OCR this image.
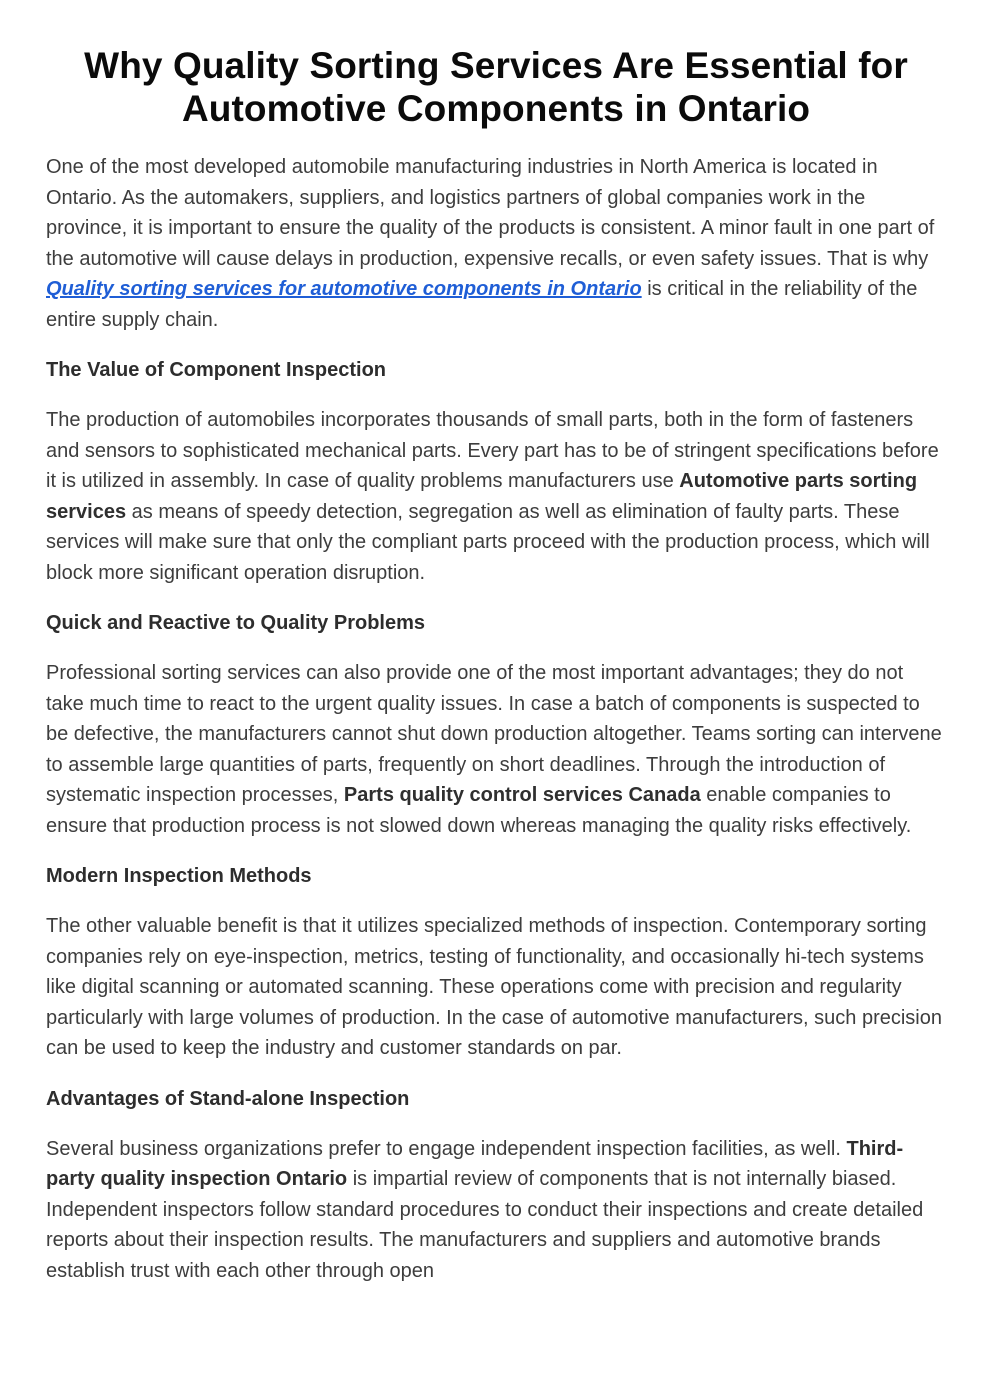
Why Quality Sorting Services Are Essential for Automotive Components in Ontario

One of the most developed automobile manufacturing industries in North America is located in Ontario. As the automakers, suppliers, and logistics partners of global companies work in the province, it is important to ensure the quality of the products is consistent. A minor fault in one part of the automotive will cause delays in production, expensive recalls, or even safety issues. That is why Quality sorting services for automotive components in Ontario is critical in the reliability of the entire supply chain.

The Value of Component Inspection

The production of automobiles incorporates thousands of small parts, both in the form of fasteners and sensors to sophisticated mechanical parts. Every part has to be of stringent specifications before it is utilized in assembly. In case of quality problems manufacturers use Automotive parts sorting services as means of speedy detection, segregation as well as elimination of faulty parts. These services will make sure that only the compliant parts proceed with the production process, which will block more significant operation disruption.

Quick and Reactive to Quality Problems

Professional sorting services can also provide one of the most important advantages; they do not take much time to react to the urgent quality issues. In case a batch of components is suspected to be defective, the manufacturers cannot shut down production altogether. Teams sorting can intervene to assemble large quantities of parts, frequently on short deadlines. Through the introduction of systematic inspection processes, Parts quality control services Canada enable companies to ensure that production process is not slowed down whereas managing the quality risks effectively.

Modern Inspection Methods

The other valuable benefit is that it utilizes specialized methods of inspection. Contemporary sorting companies rely on eye-inspection, metrics, testing of functionality, and occasionally hi-tech systems like digital scanning or automated scanning. These operations come with precision and regularity particularly with large volumes of production. In the case of automotive manufacturers, such precision can be used to keep the industry and customer standards on par.

Advantages of Stand-alone Inspection

Several business organizations prefer to engage independent inspection facilities, as well. Third-party quality inspection Ontario is impartial review of components that is not internally biased. Independent inspectors follow standard procedures to conduct their inspections and create detailed reports about their inspection results. The manufacturers and suppliers and automotive brands establish trust with each other through open
